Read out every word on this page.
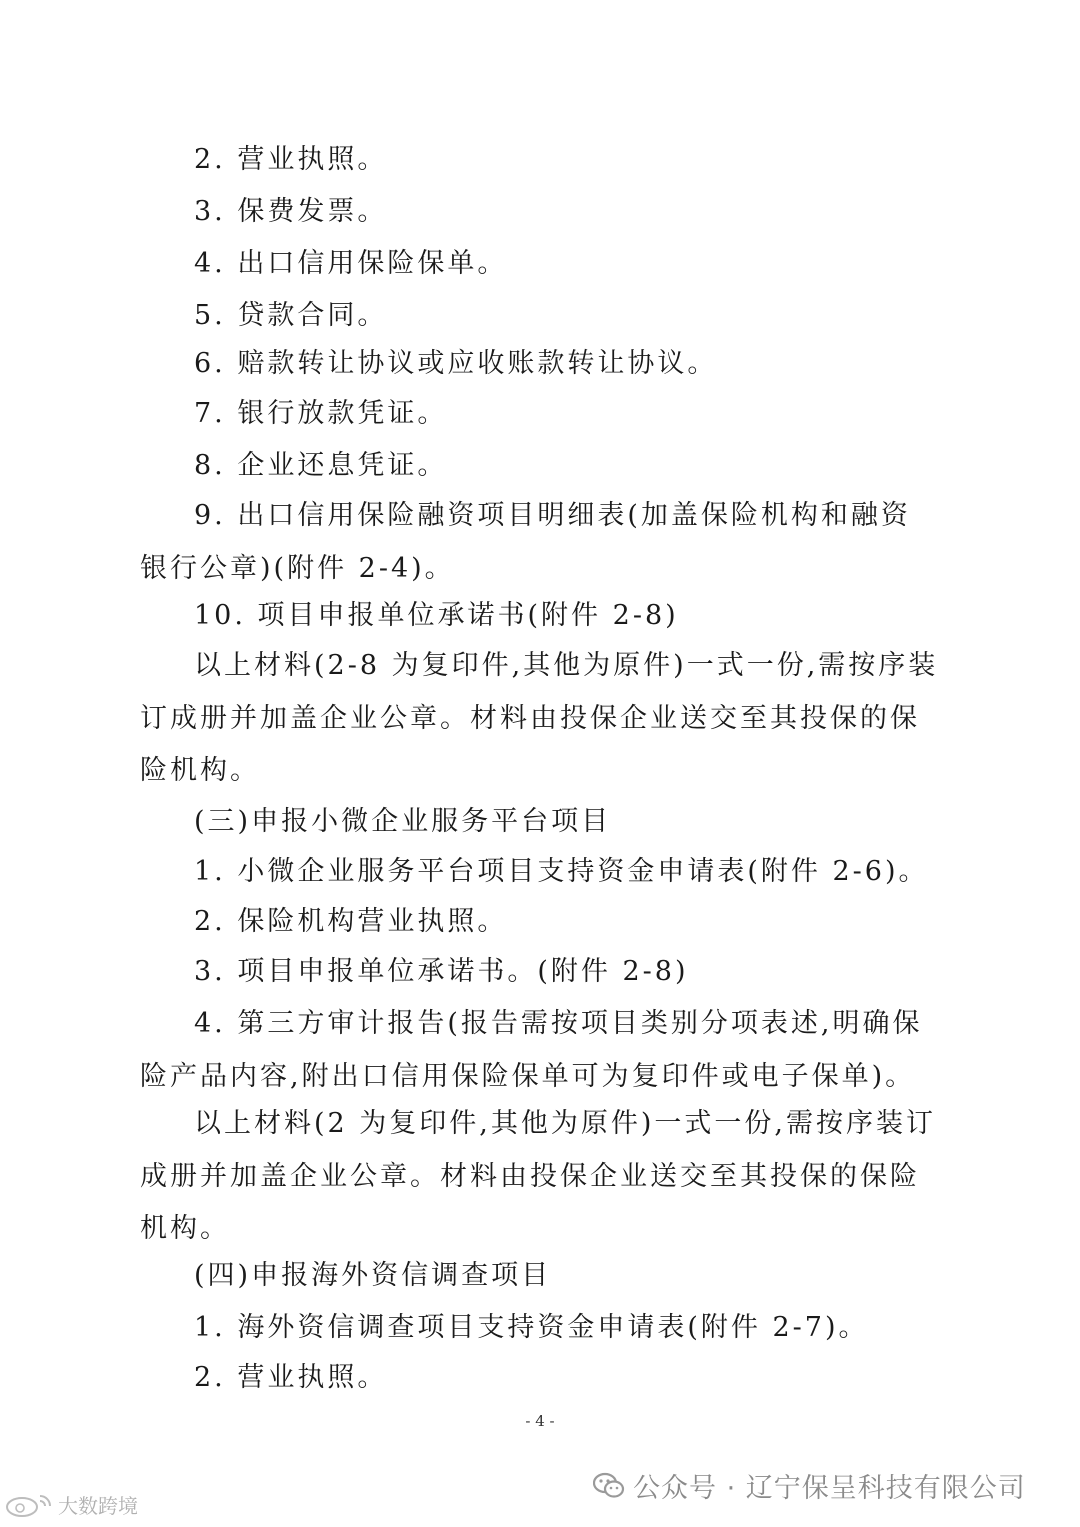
2. 营业执照。

3. 保费发票。

4. 出口信用保险保单。

5. 贷款合同。

6. 赔款转让协议或应收账款转让协议。

7. 银行放款凭证。

8. 企业还息凭证。

9. 出口信用保险融资项目明细表(加盖保险机构和融资银行公章)(附件 2-4)。

10. 项目申报单位承诺书(附件 2-8)

以上材料(2-8 为复印件,其他为原件)一式一份,需按序装订成册并加盖企业公章。材料由投保企业送交至其投保的保险机构。

(三)申报小微企业服务平台项目

1. 小微企业服务平台项目支持资金申请表(附件 2-6)。

2. 保险机构营业执照。

3. 项目申报单位承诺书。(附件 2-8)

4. 第三方审计报告(报告需按项目类别分项表述,明确保险产品内容,附出口信用保险保单可为复印件或电子保单)。

以上材料(2 为复印件,其他为原件)一式一份,需按序装订成册并加盖企业公章。材料由投保企业送交至其投保的保险机构。

(四)申报海外资信调查项目

1. 海外资信调查项目支持资金申请表(附件 2-7)。

2. 营业执照。

- 4 -
公众号 · 辽宁保呈科技有限公司
大数跨境
